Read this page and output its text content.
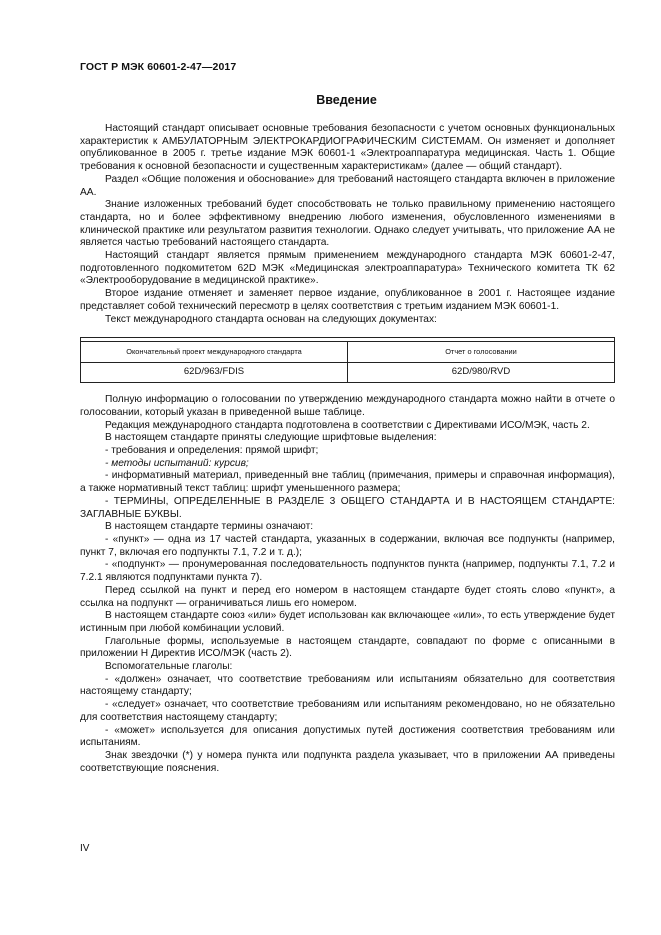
ГОСТ Р МЭК 60601-2-47—2017
Введение

Настоящий стандарт описывает основные требования безопасности с учетом основных функциональных характеристик к АМБУЛАТОРНЫМ ЭЛЕКТРОКАРДИОГРАФИЧЕСКИМ СИСТЕМАМ. Он изменяет и дополняет опубликованное в 2005 г. третье издание МЭК 60601-1 «Электроаппаратура медицинская. Часть 1. Общие требования к основной безопасности и существенным характеристикам» (далее — общий стандарт).

Раздел «Общие положения и обоснование» для требований настоящего стандарта включен в приложение АА.

Знание изложенных требований будет способствовать не только правильному применению настоящего стандарта, но и более эффективному внедрению любого изменения, обусловленного изменениями в клинической практике или результатом развития технологии. Однако следует учитывать, что приложение АА не является частью требований настоящего стандарта.

Настоящий стандарт является прямым применением международного стандарта МЭК 60601-2-47, подготовленного подкомитетом 62D МЭК «Медицинская электроаппаратура» Технического комитета ТК 62 «Электрооборудование в медицинской практике».

Второе издание отменяет и заменяет первое издание, опубликованное в 2001 г. Настоящее издание представляет собой технический пересмотр в целях соответствия с третьим изданием МЭК 60601-1.

Текст международного стандарта основан на следующих документах:

Окончательный проект международного стандарта	Отчет о голосовании
62D/963/FDIS	62D/980/RVD

Полную информацию о голосовании по утверждению международного стандарта можно найти в отчете о голосовании, который указан в приведенной выше таблице.

Редакция международного стандарта подготовлена в соответствии с Директивами ИСО/МЭК, часть 2.

В настоящем стандарте приняты следующие шрифтовые выделения:

- требования и определения: прямой шрифт;

- методы испытаний: курсив;

- информативный материал, приведенный вне таблиц (примечания, примеры и справочная информация), а также нормативный текст таблиц: шрифт уменьшенного размера;

- ТЕРМИНЫ, ОПРЕДЕЛЕННЫЕ В РАЗДЕЛЕ 3 ОБЩЕГО СТАНДАРТА И В НАСТОЯЩЕМ СТАНДАРТЕ: ЗАГЛАВНЫЕ БУКВЫ.

В настоящем стандарте термины означают:

- «пункт» — одна из 17 частей стандарта, указанных в содержании, включая все подпункты (например, пункт 7, включая его подпункты 7.1, 7.2 и т. д.);

- «подпункт» — пронумерованная последовательность подпунктов пункта (например, подпункты 7.1, 7.2 и 7.2.1 являются подпунктами пункта 7).

Перед ссылкой на пункт и перед его номером в настоящем стандарте будет стоять слово «пункт», а ссылка на подпункт — ограничиваться лишь его номером.

В настоящем стандарте союз «или» будет использован как включающее «или», то есть утверждение будет истинным при любой комбинации условий.

Глагольные формы, используемые в настоящем стандарте, совпадают по форме с описанными в приложении Н Директив ИСО/МЭК (часть 2).

Вспомогательные глаголы:

- «должен» означает, что соответствие требованиям или испытаниям обязательно для соответствия настоящему стандарту;

- «следует» означает, что соответствие требованиям или испытаниям рекомендовано, но не обязательно для соответствия настоящему стандарту;

- «может» используется для описания допустимых путей достижения соответствия требованиям или испытаниям.

Знак звездочки (*) у номера пункта или подпункта раздела указывает, что в приложении АА приведены соответствующие пояснения.

IV
